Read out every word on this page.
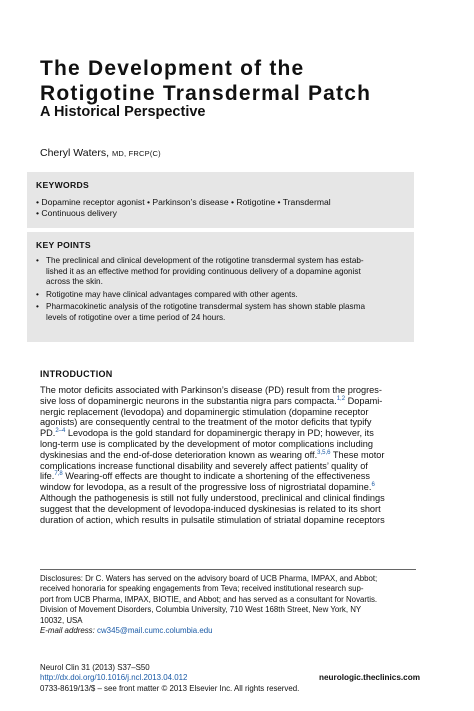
The Development of the
Rotigotine Transdermal Patch
A Historical Perspective
Cheryl Waters, MD, FRCP(C)
KEYWORDS
• Dopamine receptor agonist • Parkinson’s disease • Rotigotine • Transdermal
• Continuous delivery
KEY POINTS
• The preclinical and clinical development of the rotigotine transdermal system has estab-
lished it as an effective method for providing continuous delivery of a dopamine agonist
across the skin.
• Rotigotine may have clinical advantages compared with other agents.
• Pharmacokinetic analysis of the rotigotine transdermal system has shown stable plasma
levels of rotigotine over a time period of 24 hours.
INTRODUCTION
The motor deficits associated with Parkinson’s disease (PD) result from the progres-
sive loss of dopaminergic neurons in the substantia nigra pars compacta.$^{1,2}$ Dopami-
nergic replacement (levodopa) and dopaminergic stimulation (dopamine receptor
agonists) are consequently central to the treatment of the motor deficits that typify
PD.$^{2-4}$ Levodopa is the gold standard for dopaminergic therapy in PD; however, its
long-term use is complicated by the development of motor complications including
dyskinesias and the end-of-dose deterioration known as wearing off.$^{3,5,6}$ These motor
complications increase functional disability and severely affect patients’ quality of
life.$^{7,8}$ Wearing-off effects are thought to indicate a shortening of the effectiveness
window for levodopa, as a result of the progressive loss of nigrostriatal dopamine.$^6$
Although the pathogenesis is still not fully understood, preclinical and clinical findings
suggest that the development of levodopa-induced dyskinesias is related to its short
duration of action, which results in pulsatile stimulation of striatal dopamine receptors
Disclosures: Dr C. Waters has served on the advisory board of UCB Pharma, IMPAX, and Abbot;
received honoraria for speaking engagements from Teva; received institutional research sup-
port from UCB Pharma, IMPAX, BIOTIE, and Abbot; and has served as a consultant for Novartis.
Division of Movement Disorders, Columbia University, 710 West 168th Street, New York, NY
10032, USA
E-mail address: cw345@mail.cumc.columbia.edu
Neurol Clin 31 (2013) S37–S50
http://dx.doi.org/10.1016/j.ncl.2013.04.012
0733-8619/13/$ – see front matter © 2013 Elsevier Inc. All rights reserved.
neurologic.theclinics.com
